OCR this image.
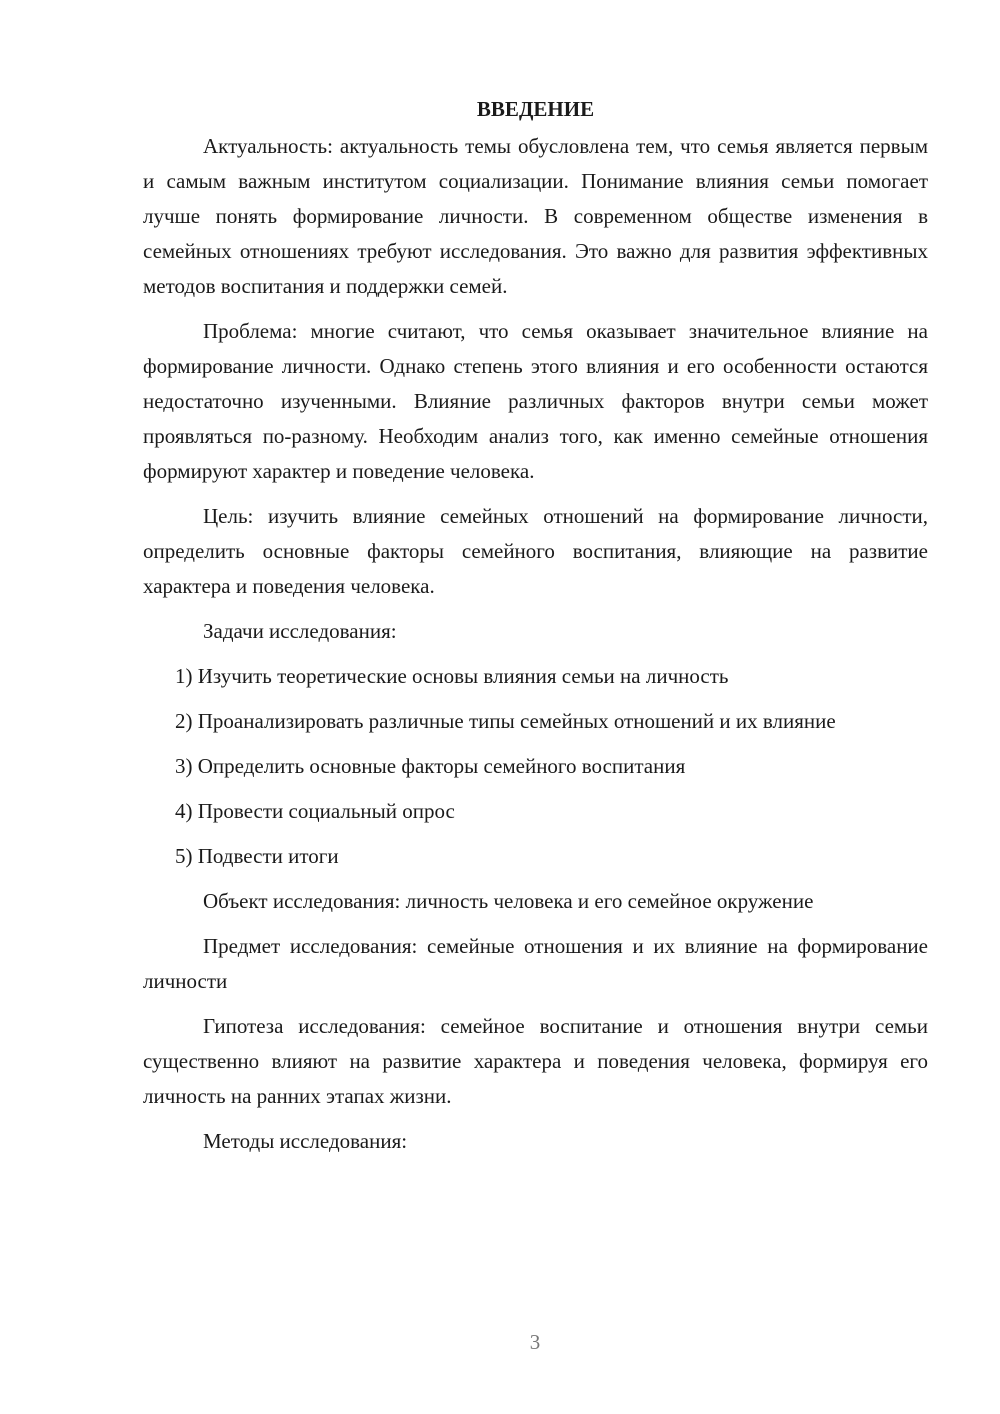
ВВЕДЕНИЕ

Актуальность: актуальность темы обусловлена тем, что семья является первым и самым важным институтом социализации. Понимание влияния семьи помогает лучше понять формирование личности. В современном обществе изменения в семейных отношениях требуют исследования. Это важно для развития эффективных методов воспитания и поддержки семей.

Проблема: многие считают, что семья оказывает значительное влияние на формирование личности. Однако степень этого влияния и его особенности остаются недостаточно изученными. Влияние различных факторов внутри семьи может проявляться по-разному. Необходим анализ того, как именно семейные отношения формируют характер и поведение человека.

Цель: изучить влияние семейных отношений на формирование личности, определить основные факторы семейного воспитания, влияющие на развитие характера и поведения человека.

Задачи исследования:

1) Изучить теоретические основы влияния семьи на личность

2) Проанализировать различные типы семейных отношений и их влияние

3) Определить основные факторы семейного воспитания

4) Провести социальный опрос

5) Подвести итоги

Объект исследования: личность человека и его семейное окружение

Предмет исследования: семейные отношения и их влияние на формирование личности

Гипотеза исследования: семейное воспитание и отношения внутри семьи существенно влияют на развитие характера и поведения человека, формируя его личность на ранних этапах жизни.

Методы исследования:

3
